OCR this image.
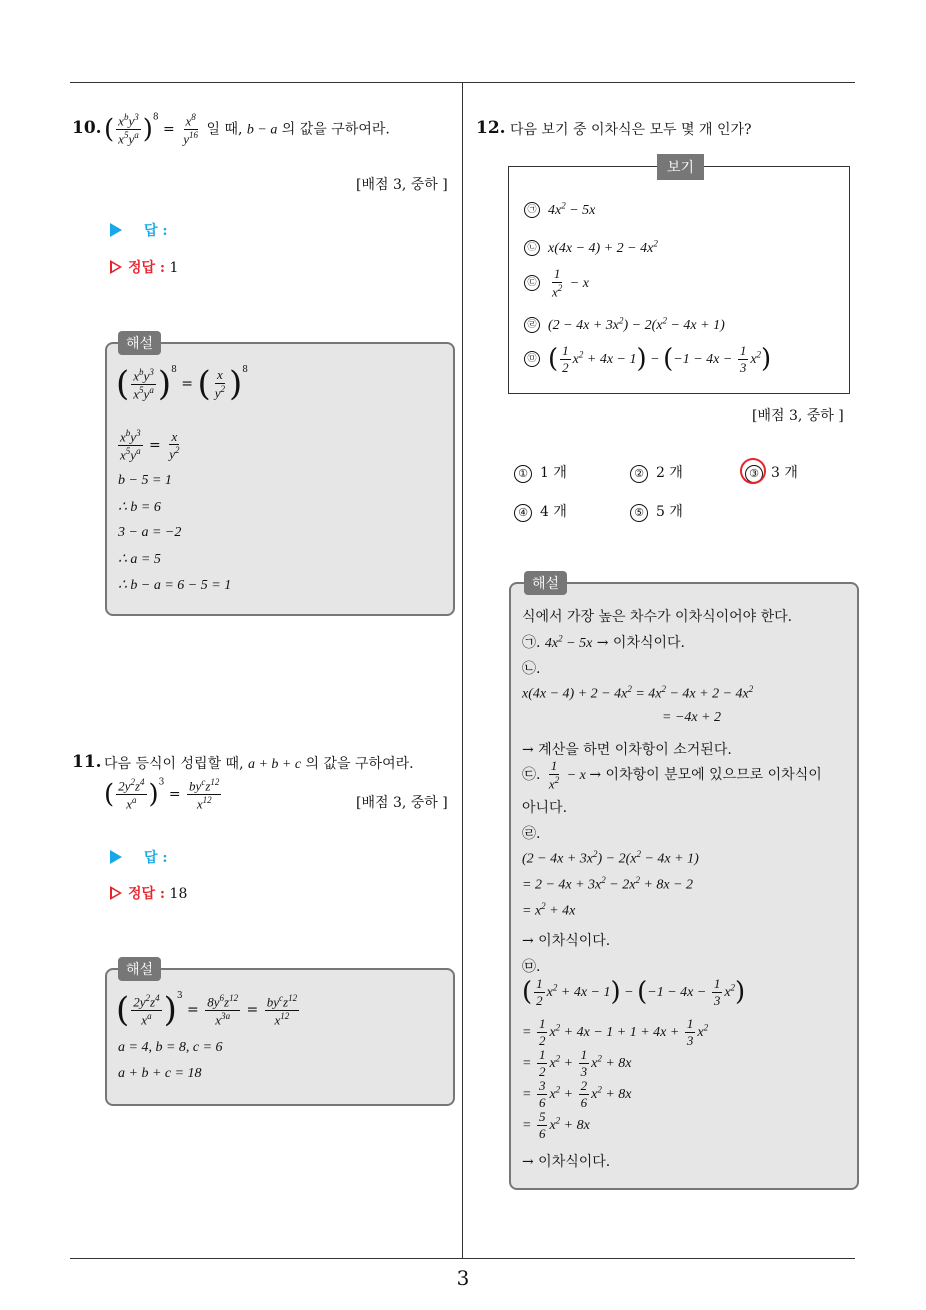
3
10. ( $\frac{x^by^3}{x^5y^a} )^8 = \frac{x^8}{y^{16}}$ 일 때, b − a 의 값을 구하여라.
[배점 3, 중하 ]
답 :
정답 : 1
해설
( $\frac{x^by^3}{x^5y^a} )^8$ = ( $\frac{x}{y^2} )^8$
$\frac{x^by^3}{x^5y^a} = \frac{x}{y^2}$
b − 5 = 1
∴ b = 6
3 − a = −2
∴ a = 5
∴ b − a = 6 − 5 = 1
11. 다음 등식이 성립할 때, a + b + c 의 값을 구하여라.
( $\frac{2y^2z^4}{x^a} )^3 = \frac{by^cz^{12}}{x^{12}}$	[배점 3, 중하 ]
답 :
정답 : 18
해설
( $\frac{2y^2z^4}{x^a} )^3 = \frac{8y^6z^{12}}{x^{3a}} = \frac{by^cz^{12}}{x^{12}}$
a = 4, b = 8, c = 6
a + b + c = 18
12. 다음 보기 중 이차식은 모두 몇 개 인가?
보기
㉠ $4x^2 - 5x$
㉡ $x(4x - 4) + 2 - 4x^2$
㉢ $\frac{1}{x^2} - x$
㉣ $(2 - 4x + 3x^2) - 2(x^2 - 4x + 1)$
㉤ ( $\frac{1}{2} x^2 + 4x - 1) - (-1 - 4x - \frac{1}{3} x^2)$
[배점 3, 중하 ]
① 1 개	② 2 개	③ 3 개
④ 4 개	⑤ 5 개
해설
식에서 가장 높은 차수가 이차식이어야 한다.
㉠. $4x^2 - 5x$ → 이차식이다.
㉡.
$x(4x - 4) + 2 - 4x^2 = 4x^2 - 4x + 2 - 4x^2$
= −4x + 2
→ 계산을 하면 이차항이 소거된다.
㉢. $\frac{1}{x^2} - x$ → 이차항이 분모에 있으므로 이차식이
아니다.
㉣.
$(2 - 4x + 3x^2) - 2(x^2 - 4x + 1)$
= $2 - 4x + 3x^2 - 2x^2 + 8x - 2$
= $x^2 + 4x$
→ 이차식이다.
㉤.
( $\frac{1}{2} x^2 + 4x - 1) - (-1 - 4x - \frac{1}{3} x^2)$
= $\frac{1}{2} x^2 + 4x - 1 + 1 + 4x + \frac{1}{3} x^2$
= $\frac{1}{2} x^2 + \frac{1}{3} x^2 + 8x$
= $\frac{3}{6} x^2 + \frac{2}{6} x^2 + 8x$
= $\frac{5}{6} x^2 + 8x$
→ 이차식이다.
